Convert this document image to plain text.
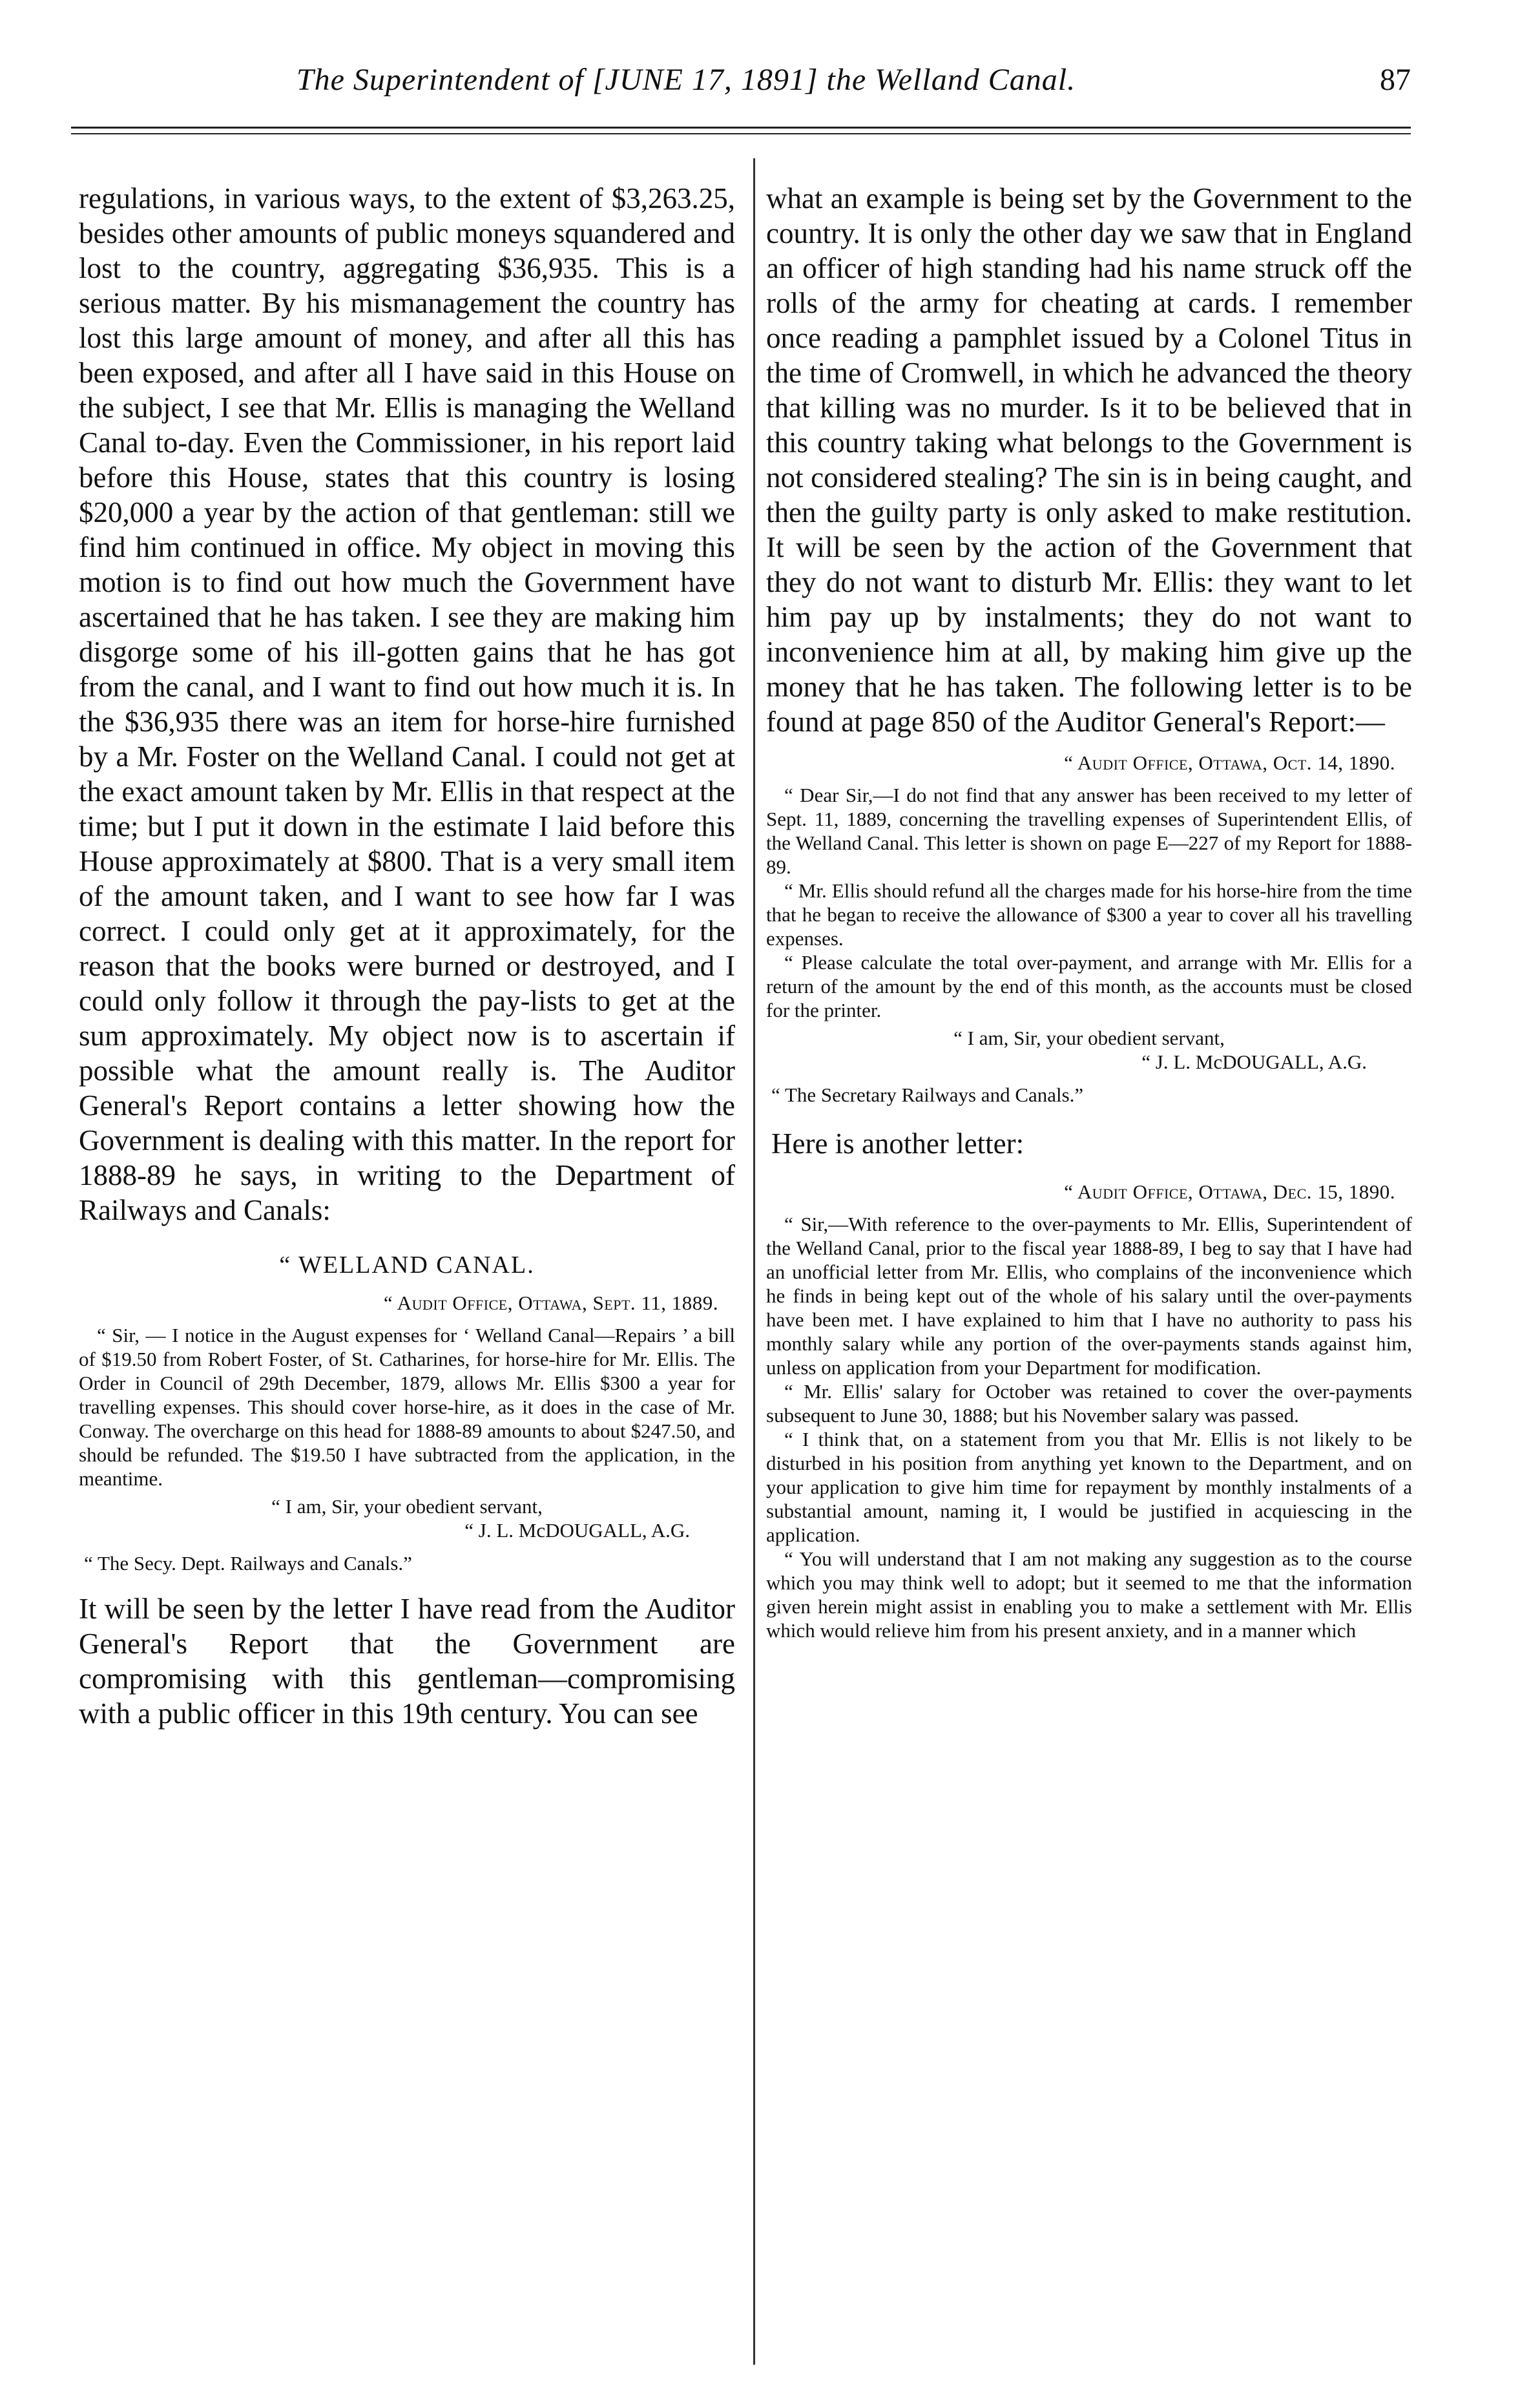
The Superintendent of [JUNE 17, 1891] the Welland Canal.	87

regulations, in various ways, to the extent of $3,263.25, besides other amounts of public moneys squandered and lost to the country, aggregating $36,935. This is a serious matter. By his mismanagement the country has lost this large amount of money, and after all this has been exposed, and after all I have said in this House on the subject, I see that Mr. Ellis is managing the Welland Canal to-day. Even the Commissioner, in his report laid before this House, states that this country is losing $20,000 a year by the action of that gentleman: still we find him continued in office. My object in moving this motion is to find out how much the Government have ascertained that he has taken. I see they are making him disgorge some of his ill-gotten gains that he has got from the canal, and I want to find out how much it is. In the $36,935 there was an item for horse-hire furnished by a Mr. Foster on the Welland Canal. I could not get at the exact amount taken by Mr. Ellis in that respect at the time; but I put it down in the estimate I laid before this House approximately at $800. That is a very small item of the amount taken, and I want to see how far I was correct. I could only get at it approximately, for the reason that the books were burned or destroyed, and I could only follow it through the pay-lists to get at the sum approximately. My object now is to ascertain if possible what the amount really is. The Auditor General's Report contains a letter showing how the Government is dealing with this matter. In the report for 1888-89 he says, in writing to the Department of Railways and Canals:

“ WELLAND CANAL.
“ Audit Office, Ottawa, Sept. 11, 1889.

“ Sir, — I notice in the August expenses for ‘ Welland Canal—Repairs ’ a bill of $19.50 from Robert Foster, of St. Catharines, for horse-hire for Mr. Ellis. The Order in Council of 29th December, 1879, allows Mr. Ellis $300 a year for travelling expenses. This should cover horse-hire, as it does in the case of Mr. Conway. The overcharge on this head for 1888-89 amounts to about $247.50, and should be refunded. The $19.50 I have subtracted from the application, in the meantime.

“ I am, Sir, your obedient servant,
“ J. L. McDOUGALL, A.G.
“ The Secy. Dept. Railways and Canals.”

It will be seen by the letter I have read from the Auditor General's Report that the Government are compromising with this gentleman—compromising with a public officer in this 19th century. You can see

what an example is being set by the Government to the country. It is only the other day we saw that in England an officer of high standing had his name struck off the rolls of the army for cheating at cards. I remember once reading a pamphlet issued by a Colonel Titus in the time of Cromwell, in which he advanced the theory that killing was no murder. Is it to be believed that in this country taking what belongs to the Government is not considered stealing? The sin is in being caught, and then the guilty party is only asked to make restitution. It will be seen by the action of the Government that they do not want to disturb Mr. Ellis: they want to let him pay up by instalments; they do not want to inconvenience him at all, by making him give up the money that he has taken. The following letter is to be found at page 850 of the Auditor General's Report:—

“ Audit Office, Ottawa, Oct. 14, 1890.

“ Dear Sir,—I do not find that any answer has been received to my letter of Sept. 11, 1889, concerning the travelling expenses of Superintendent Ellis, of the Welland Canal. This letter is shown on page E—227 of my Report for 1888-89.

“ Mr. Ellis should refund all the charges made for his horse-hire from the time that he began to receive the allowance of $300 a year to cover all his travelling expenses.

“ Please calculate the total over-payment, and arrange with Mr. Ellis for a return of the amount by the end of this month, as the accounts must be closed for the printer.

“ I am, Sir, your obedient servant,
“ J. L. McDOUGALL, A.G.
“ The Secretary Railways and Canals.”
Here is another letter:
“ Audit Office, Ottawa, Dec. 15, 1890.

“ Sir,—With reference to the over-payments to Mr. Ellis, Superintendent of the Welland Canal, prior to the fiscal year 1888-89, I beg to say that I have had an unofficial letter from Mr. Ellis, who complains of the inconvenience which he finds in being kept out of the whole of his salary until the over-payments have been met. I have explained to him that I have no authority to pass his monthly salary while any portion of the over-payments stands against him, unless on application from your Department for modification.

“ Mr. Ellis' salary for October was retained to cover the over-payments subsequent to June 30, 1888; but his November salary was passed.

“ I think that, on a statement from you that Mr. Ellis is not likely to be disturbed in his position from anything yet known to the Department, and on your application to give him time for repayment by monthly instalments of a substantial amount, naming it, I would be justified in acquiescing in the application.

“ You will understand that I am not making any suggestion as to the course which you may think well to adopt; but it seemed to me that the information given herein might assist in enabling you to make a settlement with Mr. Ellis which would relieve him from his present anxiety, and in a manner which
